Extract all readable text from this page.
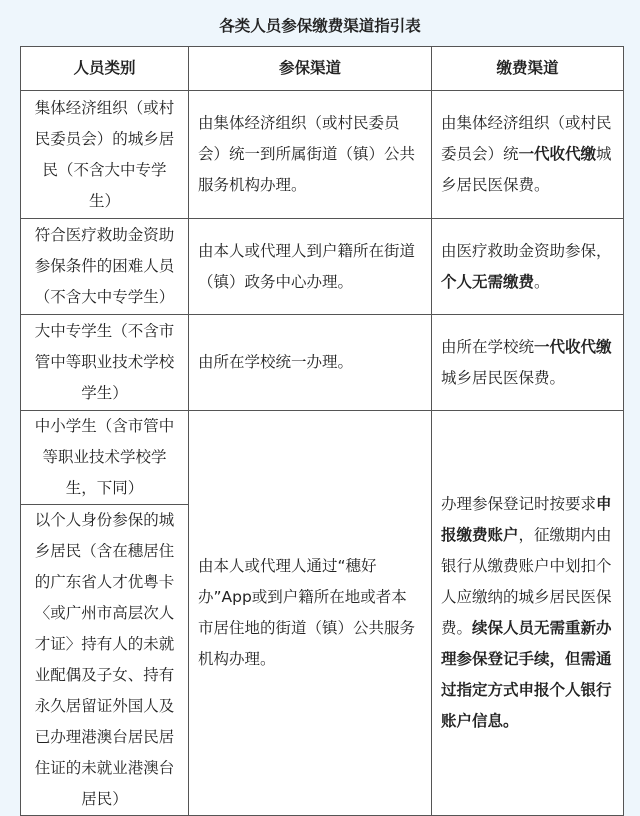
各类人员参保缴费渠道指引表
人员类别	参保渠道	缴费渠道
集体经济组织（或村民委员会）的城乡居民（不含大中专学生）	由集体经济组织（或村民委员会）统一到所属街道（镇）公共服务机构办理。	由集体经济组织（或村民委员会）统一代收代缴城乡居民医保费。
符合医疗救助金资助参保条件的困难人员（不含大中专学生）	由本人或代理人到户籍所在街道（镇）政务中心办理。	由医疗救助金资助参保，个人无需缴费。
大中专学生（不含市管中等职业技术学校学生）	由所在学校统一办理。	由所在学校统一代收代缴城乡居民医保费。
中小学生（含市管中等职业技术学校学生，下同）	由本人或代理人通过“穗好办”App或到户籍所在地或者本市居住地的街道（镇）公共服务机构办理。	办理参保登记时按要求申报缴费账户，征缴期内由银行从缴费账户中划扣个人应缴纳的城乡居民医保费。续保人员无需重新办理参保登记手续，但需通过指定方式申报个人银行账户信息。
以个人身份参保的城乡居民（含在穗居住的广东省人才优粤卡〈或广州市高层次人才证〉持有人的未就业配偶及子女、持有永久居留证外国人及已办理港澳台居民居住证的未就业港澳台居民）		
